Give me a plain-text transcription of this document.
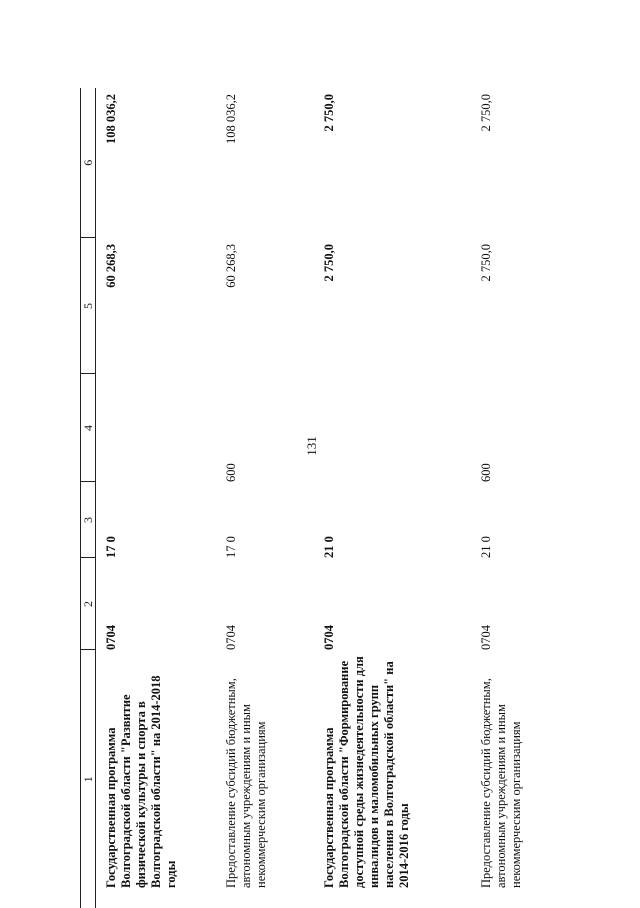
131
1	2	3	4	5	6

Государственная программа Волгоградской области "Развитие физической культуры и спорта в Волгоградской области" на 2014-2018 годы	0704	17 0		60 268,3	108 036,2

Предоставление субсидий бюджетным, автономным учреждениям и иным некоммерческим организациям	0704	17 0	600	60 268,3	108 036,2

Государственная программа Волгоградской области "Формирование доступной среды жизнедеятельности для инвалидов и маломобильных групп населения в Волгоградской области" на 2014-2016 годы	0704	21 0		2 750,0	2 750,0

Предоставление субсидий бюджетным, автономным учреждениям и иным некоммерческим организациям	0704	21 0	600	2 750,0	2 750,0
